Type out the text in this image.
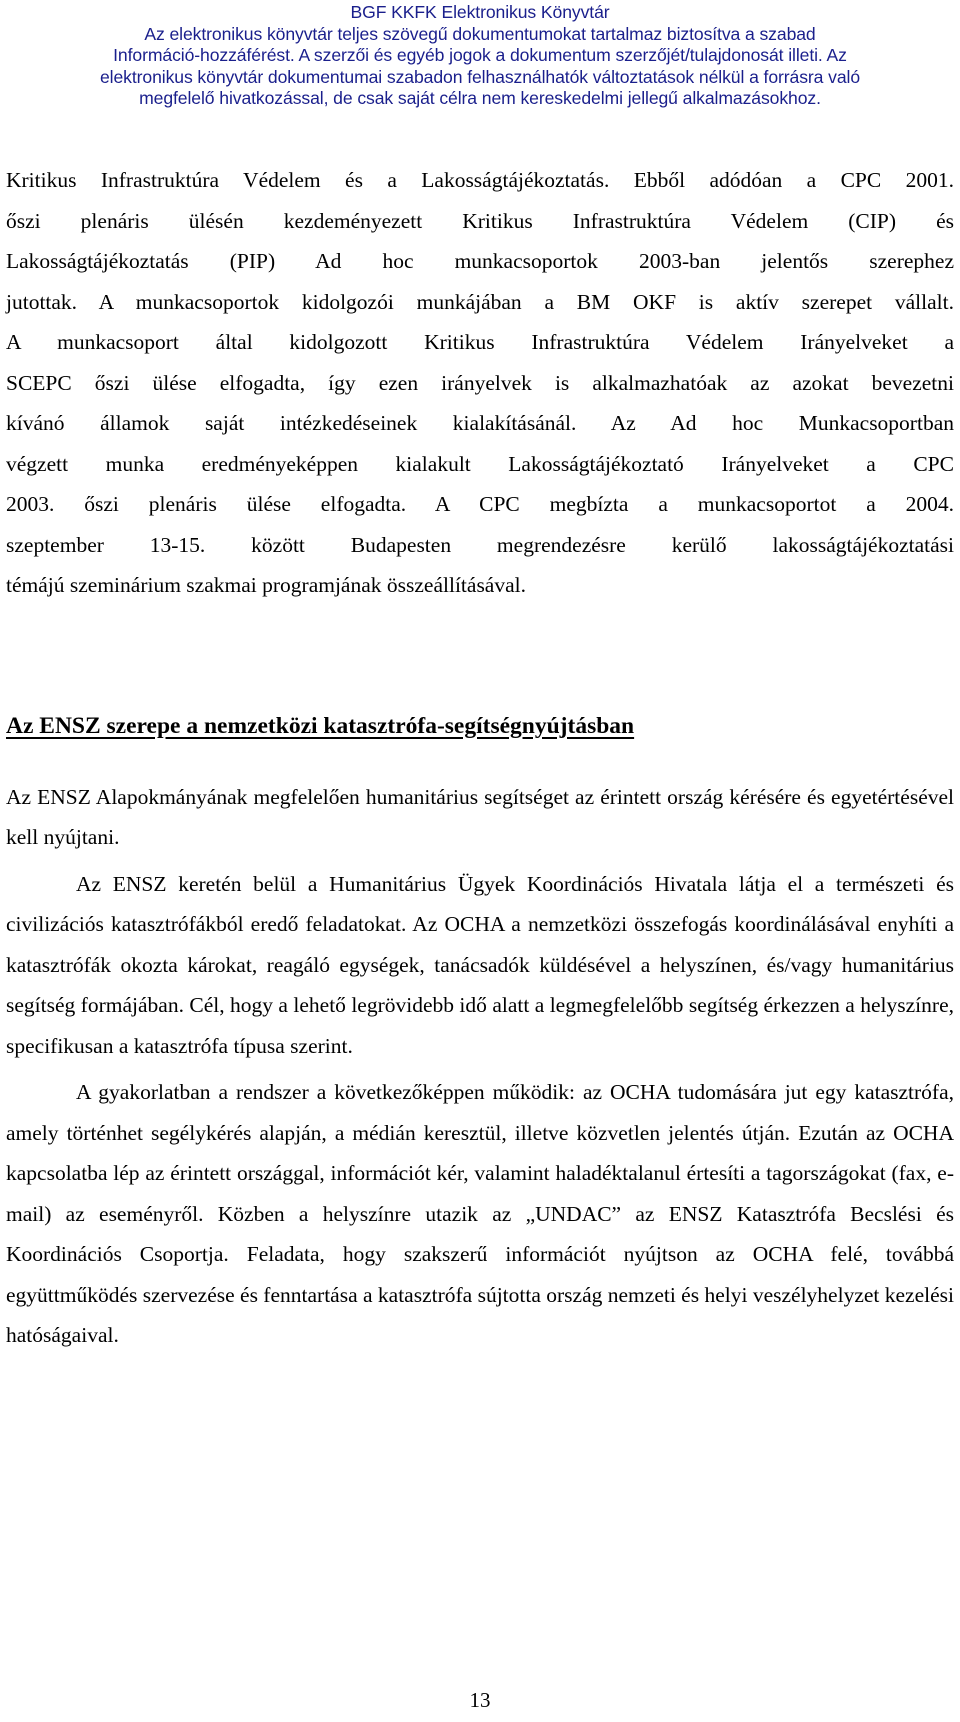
BGF KKFK Elektronikus Könyvtár
Az elektronikus könyvtár teljes szövegű dokumentumokat tartalmaz biztosítva a szabad
Információ-hozzáférést. A szerzői és egyéb jogok a dokumentum szerzőjét/tulajdonosát illeti. Az
elektronikus könyvtár dokumentumai szabadon felhasználhatók változtatások nélkül a forrásra való
megfelelő hivatkozással, de csak saját célra nem kereskedelmi jellegű alkalmazásokhoz.

Kritikus Infrastruktúra Védelem és a Lakosságtájékoztatás. Ebből adódóan a CPC 2001.

őszi plenáris ülésén kezdeményezett Kritikus Infrastruktúra Védelem (CIP) és

Lakosságtájékoztatás (PIP) Ad hoc munkacsoportok 2003-ban jelentős szerephez

jutottak. A munkacsoportok kidolgozói munkájában a BM OKF is aktív szerepet vállalt.

A munkacsoport által kidolgozott Kritikus Infrastruktúra Védelem Irányelveket a

SCEPC őszi ülése elfogadta, így ezen irányelvek is alkalmazhatóak az azokat bevezetni

kívánó államok saját intézkedéseinek kialakításánál. Az Ad hoc Munkacsoportban

végzett munka eredményeképpen kialakult Lakosságtájékoztató Irányelveket a CPC

2003. őszi plenáris ülése elfogadta. A CPC megbízta a munkacsoportot a 2004.

szeptember 13-15. között Budapesten megrendezésre kerülő lakosságtájékoztatási

témájú szeminárium szakmai programjának összeállításával.

Az ENSZ szerepe a nemzetközi katasztrófa-segítségnyújtásban

Az ENSZ Alapokmányának megfelelően humanitárius segítséget az érintett ország kérésére és egyetértésével kell nyújtani.

Az ENSZ keretén belül a Humanitárius Ügyek Koordinációs Hivatala látja el a természeti és civilizációs katasztrófákból eredő feladatokat. Az OCHA a nemzetközi összefogás koordinálásával enyhíti a katasztrófák okozta károkat, reagáló egységek, tanácsadók küldésével a helyszínen, és/vagy humanitárius segítség formájában. Cél, hogy a lehető legrövidebb idő alatt a legmegfelelőbb segítség érkezzen a helyszínre, specifikusan a katasztrófa típusa szerint.

A gyakorlatban a rendszer a következőképpen működik: az OCHA tudomására jut egy katasztrófa, amely történhet segélykérés alapján, a médián keresztül, illetve közvetlen jelentés útján. Ezután az OCHA kapcsolatba lép az érintett országgal, információt kér, valamint haladéktalanul értesíti a tagországokat (fax, e-mail) az eseményről. Közben a helyszínre utazik az „UNDAC” az ENSZ Katasztrófa Becslési és Koordinációs Csoportja. Feladata, hogy szakszerű információt nyújtson az OCHA felé, továbbá együttműködés szervezése és fenntartása a katasztrófa sújtotta ország nemzeti és helyi veszélyhelyzet kezelési hatóságaival.

13
